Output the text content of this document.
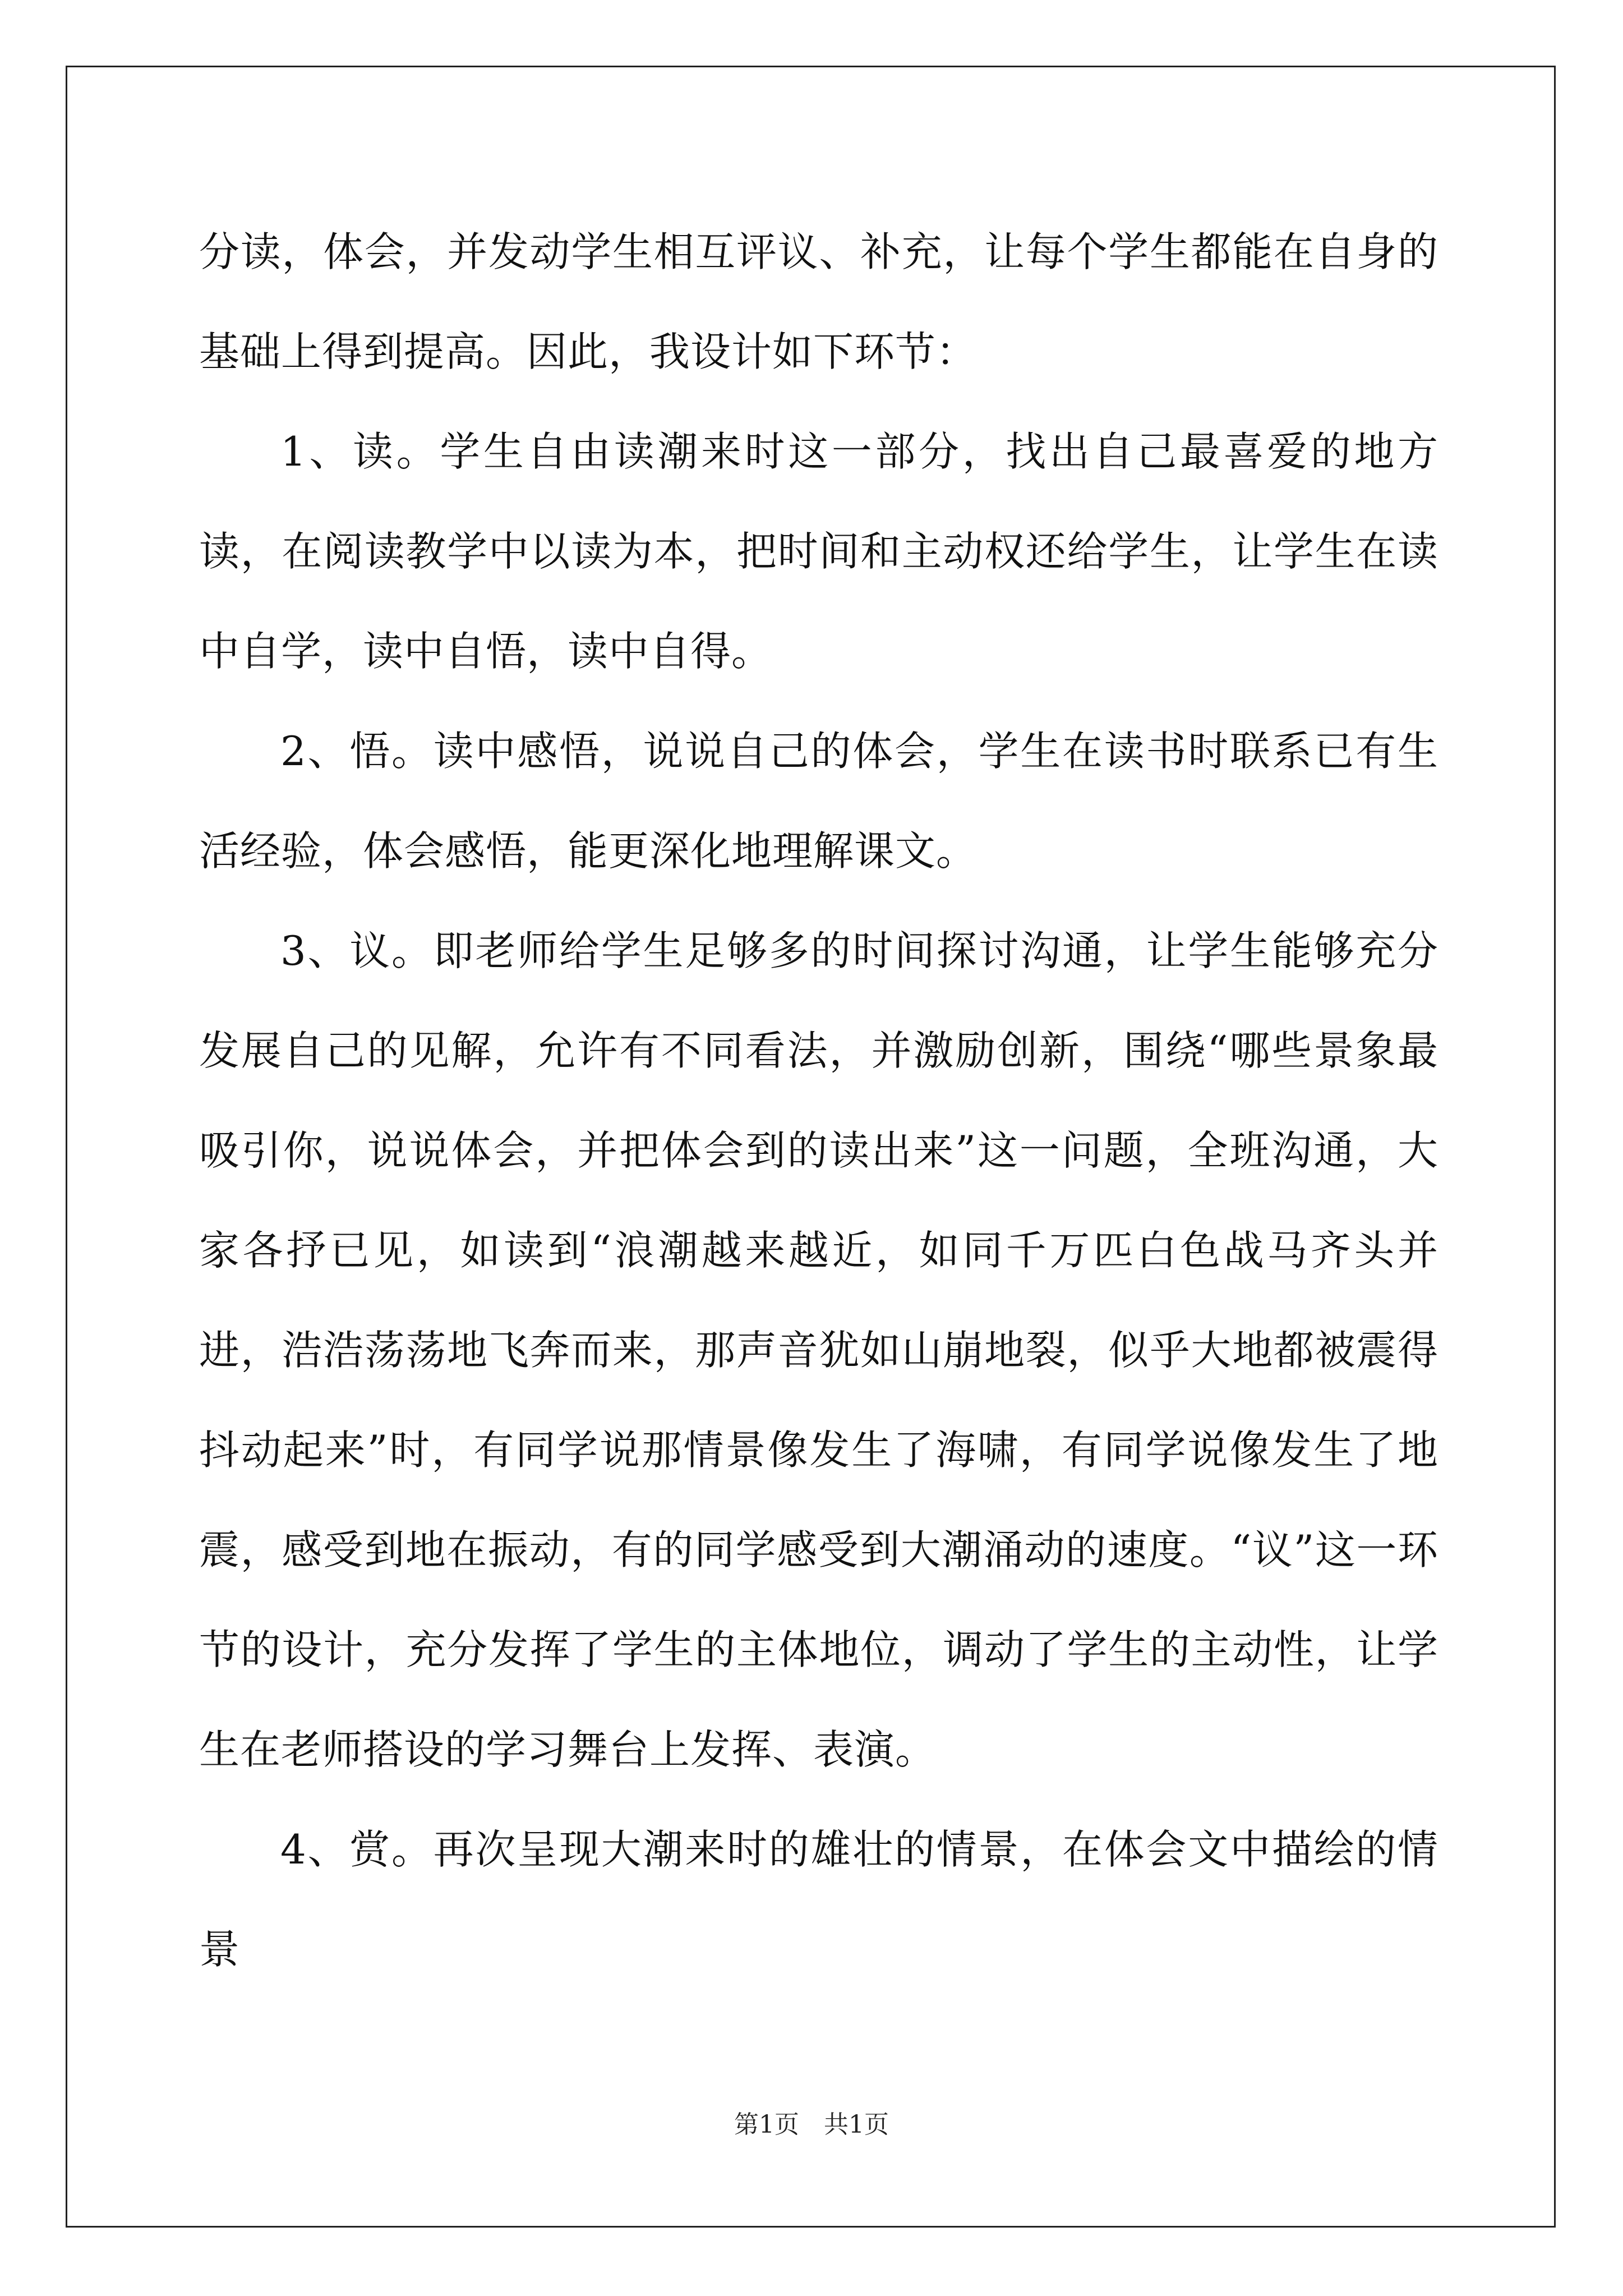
分读，体会，并发动学生相互评议、补充，让每个学生都能在自身的基础上得到提高。因此，我设计如下环节：

1、读。学生自由读潮来时这一部分，找出自己最喜爱的地方读，在阅读教学中以读为本，把时间和主动权还给学生，让学生在读中自学，读中自悟，读中自得。

2、悟。读中感悟，说说自己的体会，学生在读书时联系已有生活经验，体会感悟，能更深化地理解课文。

3、议。即老师给学生足够多的时间探讨沟通，让学生能够充分发展自己的见解，允许有不同看法，并激励创新，围绕“哪些景象最吸引你，说说体会，并把体会到的读出来”这一问题，全班沟通，大家各抒已见，如读到“浪潮越来越近，如同千万匹白色战马齐头并进，浩浩荡荡地飞奔而来，那声音犹如山崩地裂，似乎大地都被震得抖动起来”时，有同学说那情景像发生了海啸，有同学说像发生了地震，感受到地在振动，有的同学感受到大潮涌动的速度。“议”这一环节的设计，充分发挥了学生的主体地位，调动了学生的主动性，让学生在老师搭设的学习舞台上发挥、表演。

4、赏。再次呈现大潮来时的雄壮的情景，在体会文中描绘的情景

第1页　共1页
